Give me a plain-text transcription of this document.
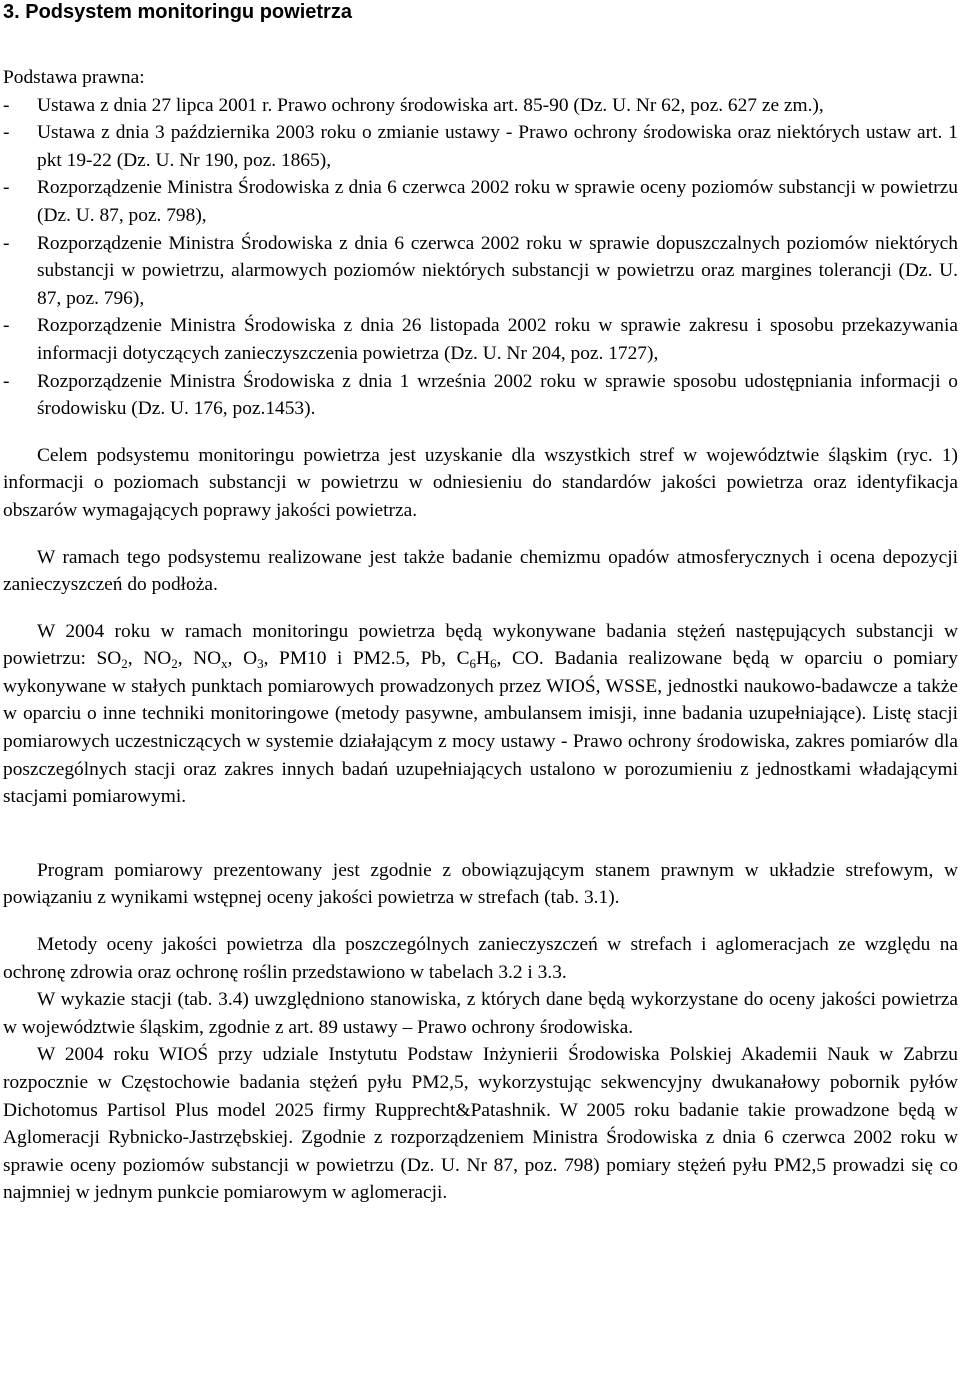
3. Podsystem monitoringu powietrza
Podstawa prawna:
- Ustawa z dnia 27 lipca 2001 r. Prawo ochrony środowiska art. 85-90 (Dz. U. Nr 62, poz. 627 ze zm.),
- Ustawa z dnia 3 października 2003 roku o zmianie ustawy - Prawo ochrony środowiska oraz niektórych ustaw art. 1 pkt 19-22 (Dz. U. Nr 190, poz. 1865),
- Rozporządzenie Ministra Środowiska z dnia 6 czerwca 2002 roku w sprawie oceny poziomów substancji w powietrzu (Dz. U. 87, poz. 798),
- Rozporządzenie Ministra Środowiska z dnia 6 czerwca 2002 roku w sprawie dopuszczalnych poziomów niektórych substancji w powietrzu, alarmowych poziomów niektórych substancji w powietrzu oraz margines tolerancji (Dz. U. 87, poz. 796),
- Rozporządzenie Ministra Środowiska z dnia 26 listopada 2002 roku w sprawie zakresu i sposobu przekazywania informacji dotyczących zanieczyszczenia powietrza (Dz. U. Nr 204, poz. 1727),
- Rozporządzenie Ministra Środowiska z dnia 1 września 2002 roku w sprawie sposobu udostępniania informacji o środowisku (Dz. U. 176, poz.1453).

Celem podsystemu monitoringu powietrza jest uzyskanie dla wszystkich stref w województwie śląskim (ryc. 1) informacji o poziomach substancji w powietrzu w odniesieniu do standardów jakości powietrza oraz identyfikacja obszarów wymagających poprawy jakości powietrza.

W ramach tego podsystemu realizowane jest także badanie chemizmu opadów atmosferycznych i ocena depozycji zanieczyszczeń do podłoża.

W 2004 roku w ramach monitoringu powietrza będą wykonywane badania stężeń następujących substancji w powietrzu: $SO_2$, $NO_2$, $NO_x$, $O_3$, PM10 i PM2.5, Pb, $C_6H_6$, CO. Badania realizowane będą w oparciu o pomiary wykonywane w stałych punktach pomiarowych prowadzonych przez WIOŚ, WSSE, jednostki naukowo-badawcze a także w oparciu o inne techniki monitoringowe (metody pasywne, ambulansem imisji, inne badania uzupełniające). Listę stacji pomiarowych uczestniczących w systemie działającym z mocy ustawy - Prawo ochrony środowiska, zakres pomiarów dla poszczególnych stacji oraz zakres innych badań uzupełniających ustalono w porozumieniu z jednostkami władającymi stacjami pomiarowymi.

Program pomiarowy prezentowany jest zgodnie z obowiązującym stanem prawnym w układzie strefowym, w powiązaniu z wynikami wstępnej oceny jakości powietrza w strefach (tab. 3.1).

Metody oceny jakości powietrza dla poszczególnych zanieczyszczeń w strefach i aglomeracjach ze względu na ochronę zdrowia oraz ochronę roślin przedstawiono w tabelach 3.2 i 3.3.

W wykazie stacji (tab. 3.4) uwzględniono stanowiska, z których dane będą wykorzystane do oceny jakości powietrza w województwie śląskim, zgodnie z art. 89 ustawy – Prawo ochrony środowiska.

W 2004 roku WIOŚ przy udziale Instytutu Podstaw Inżynierii Środowiska Polskiej Akademii Nauk w Zabrzu rozpocznie w Częstochowie badania stężeń pyłu PM2,5, wykorzystując sekwencyjny dwukanałowy pobornik pyłów Dichotomus Partisol Plus model 2025 firmy Rupprecht&Patashnik. W 2005 roku badanie takie prowadzone będą w Aglomeracji Rybnicko-Jastrzębskiej. Zgodnie z rozporządzeniem Ministra Środowiska z dnia 6 czerwca 2002 roku w sprawie oceny poziomów substancji w powietrzu (Dz. U. Nr 87, poz. 798) pomiary stężeń pyłu PM2,5 prowadzi się co najmniej w jednym punkcie pomiarowym w aglomeracji.
